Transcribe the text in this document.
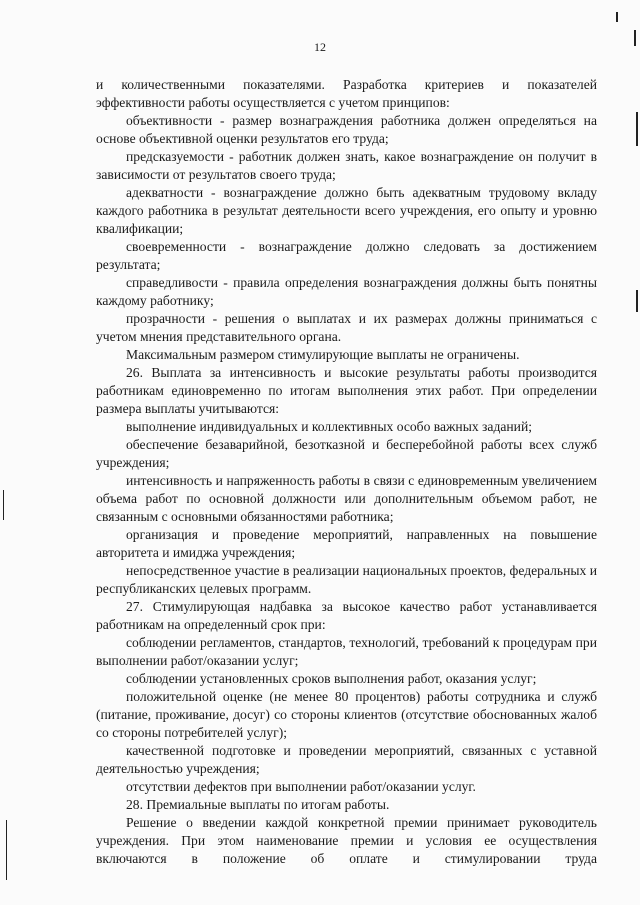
12

и количественными показателями. Разработка критериев и показателей эффективности работы осуществляется с учетом принципов:

объективности - размер вознаграждения работника должен определяться на основе объективной оценки результатов его труда;

предсказуемости - работник должен знать, какое вознаграждение он получит в зависимости от результатов своего труда;

адекватности - вознаграждение должно быть адекватным трудовому вкладу каждого работника в результат деятельности всего учреждения, его опыту и уровню квалификации;

своевременности - вознаграждение должно следовать за достижением результата;

справедливости - правила определения вознаграждения должны быть понятны каждому работнику;

прозрачности - решения о выплатах и их размерах должны приниматься с учетом мнения представительного органа.

Максимальным размером стимулирующие выплаты не ограничены.

26. Выплата за интенсивность и высокие результаты работы производится работникам единовременно по итогам выполнения этих работ. При определении размера выплаты учитываются:

выполнение индивидуальных и коллективных особо важных заданий;

обеспечение безаварийной, безотказной и бесперебойной работы всех служб учреждения;

интенсивность и напряженность работы в связи с единовременным увеличением объема работ по основной должности или дополнительным объемом работ, не связанным с основными обязанностями работника;

организация и проведение мероприятий, направленных на повышение авторитета и имиджа учреждения;

непосредственное участие в реализации национальных проектов, федеральных и республиканских целевых программ.

27. Стимулирующая надбавка за высокое качество работ устанавливается работникам на определенный срок при:

соблюдении регламентов, стандартов, технологий, требований к процедурам при выполнении работ/оказании услуг;

соблюдении установленных сроков выполнения работ, оказания услуг;

положительной оценке (не менее 80 процентов) работы сотрудника и служб (питание, проживание, досуг) со стороны клиентов (отсутствие обоснованных жалоб со стороны потребителей услуг);

качественной подготовке и проведении мероприятий, связанных с уставной деятельностью учреждения;

отсутствии дефектов при выполнении работ/оказании услуг.

28. Премиальные выплаты по итогам работы.

Решение о введении каждой конкретной премии принимает руководитель учреждения. При этом наименование премии и условия ее осуществления включаются в положение об оплате и стимулировании труда
